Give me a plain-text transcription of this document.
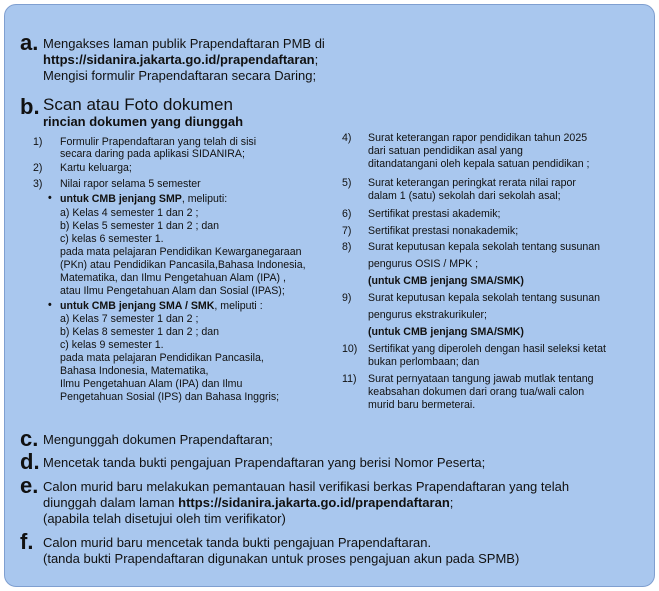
a. Mengakses laman publik Prapendaftaran PMB di
https://sidanira.jakarta.go.id/prapendaftaran;
Mengisi formulir Prapendaftaran secara Daring;
b. Scan atau Foto dokumen
rincian dokumen yang diunggah
1) Formulir Prapendaftaran yang telah di sisi
secara daring pada aplikasi SIDANIRA;
2) Kartu keluarga;
3) Nilai rapor selama 5 semester
• untuk CMB jenjang SMP, meliputi:
a) Kelas 4 semester 1 dan 2 ;
b) Kelas 5 semester 1 dan 2 ; dan
c) kelas 6 semester 1.
pada mata pelajaran Pendidikan Kewarganegaraan
(PKn) atau Pendidikan Pancasila,Bahasa Indonesia,
Matematika, dan Ilmu Pengetahuan Alam (IPA) ,
atau Ilmu Pengetahuan Alam dan Sosial (IPAS);
• untuk CMB jenjang SMA / SMK, meliputi :
a) Kelas 7 semester 1 dan 2 ;
b) Kelas 8 semester 1 dan 2 ; dan
c) kelas 9 semester 1.
pada mata pelajaran Pendidikan Pancasila,
Bahasa Indonesia, Matematika,
Ilmu Pengetahuan Alam (IPA) dan Ilmu
Pengetahuan Sosial (IPS) dan Bahasa Inggris;
4) Surat keterangan rapor pendidikan tahun 2025
dari satuan pendidikan asal yang
ditandatangani oleh kepala satuan pendidikan ;
5) Surat keterangan peringkat rerata nilai rapor
dalam 1 (satu) sekolah dari sekolah asal;
6) Sertifikat prestasi akademik;
7) Sertifikat prestasi nonakademik;
8) Surat keputusan kepala sekolah tentang susunan
pengurus OSIS / MPK ;
(untuk CMB jenjang SMA/SMK)
9) Surat keputusan kepala sekolah tentang susunan
pengurus ekstrakurikuler;
(untuk CMB jenjang SMA/SMK)
10) Sertifikat yang diperoleh dengan hasil seleksi ketat
bukan perlombaan; dan
11) Surat pernyataan tangung jawab mutlak tentang
keabsahan dokumen dari orang tua/wali calon
murid baru bermeterai.
c. Mengunggah dokumen Prapendaftaran;
d. Mencetak tanda bukti pengajuan Prapendaftaran yang berisi Nomor Peserta;
e. Calon murid baru melakukan pemantauan hasil verifikasi berkas Prapendaftaran yang telah
diunggah dalam laman https://sidanira.jakarta.go.id/prapendaftaran;
(apabila telah disetujui oleh tim verifikator)
f. Calon murid baru mencetak tanda bukti pengajuan Prapendaftaran.
(tanda bukti Prapendaftaran digunakan untuk proses pengajuan akun pada SPMB)
